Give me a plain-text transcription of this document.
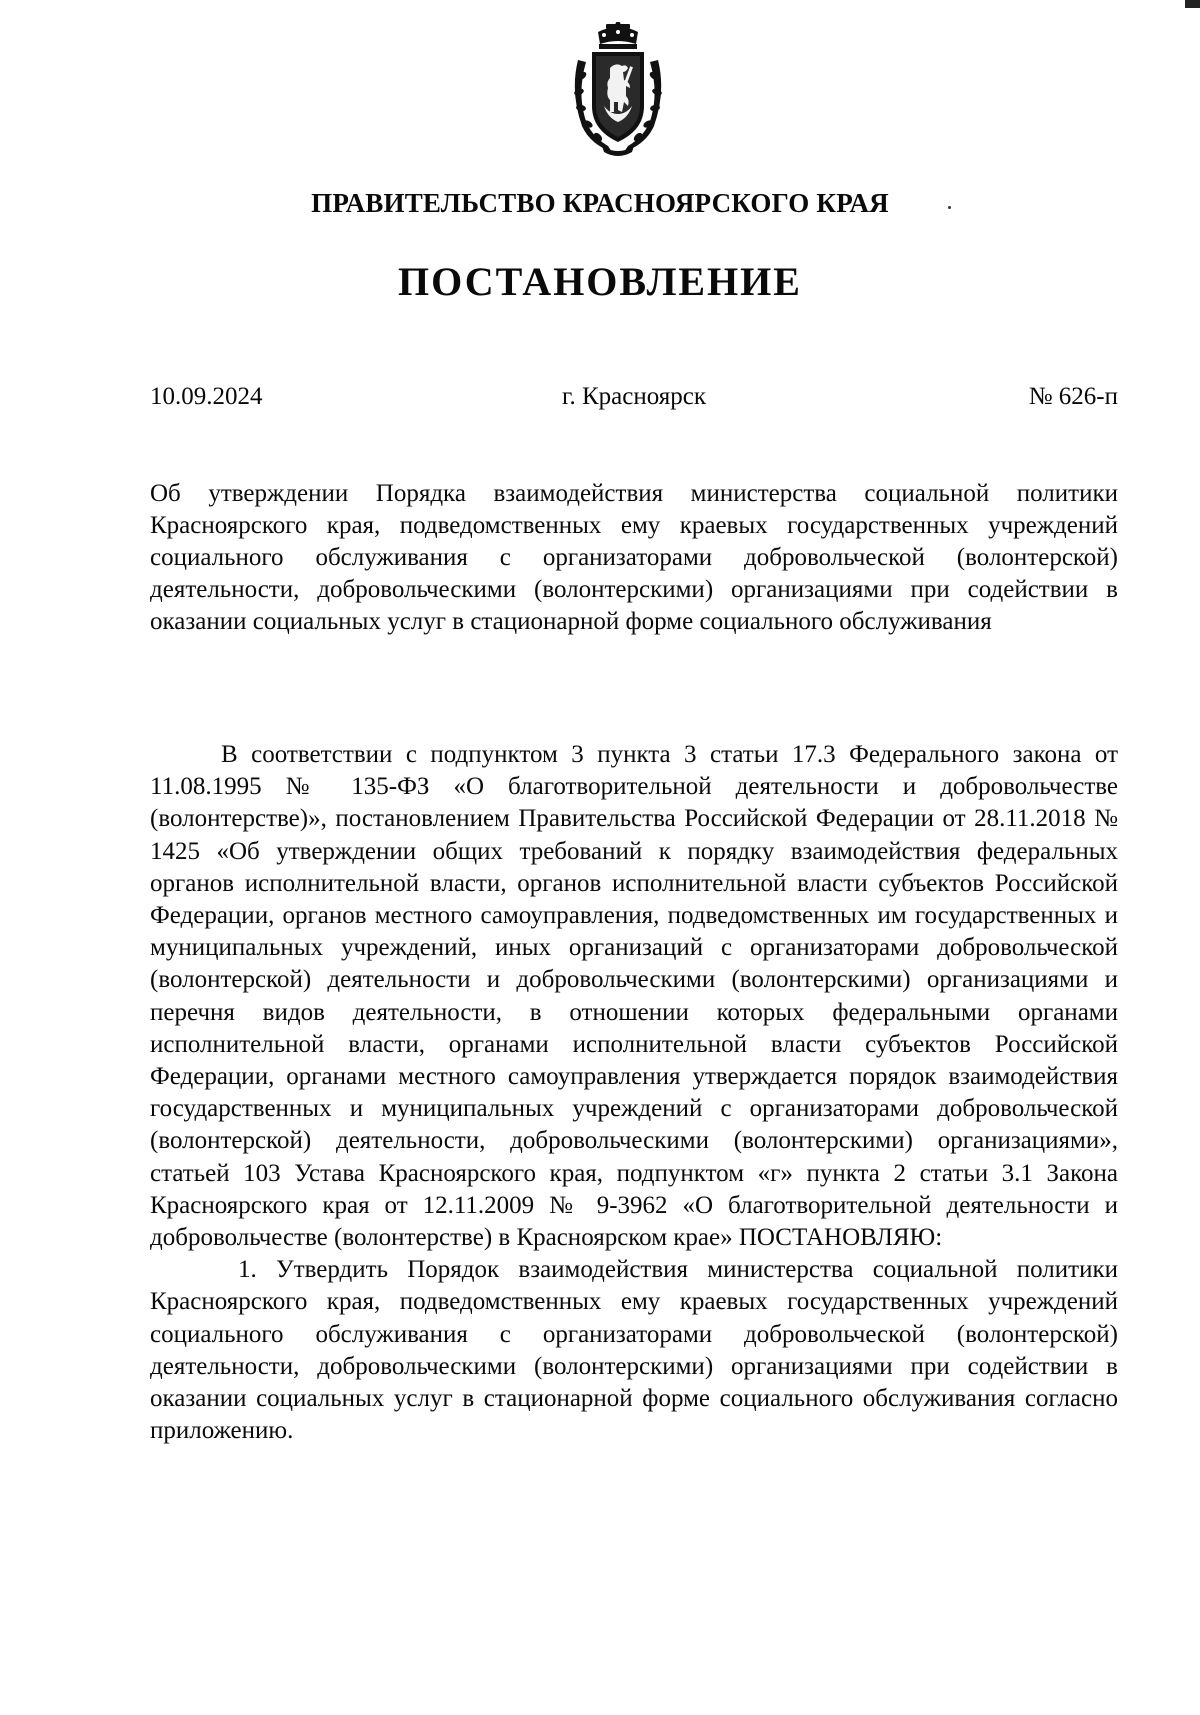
ПРАВИТЕЛЬСТВО КРАСНОЯРСКОГО КРАЯ
ПОСТАНОВЛЕНИЕ
г. Красноярск
10.09.2024	№ 626-п
Об утверждении Порядка взаимодействия министерства социальной политики Красноярского края, подведомственных ему краевых государственных учреждений социального обслуживания с организаторами добровольческой (волонтерской) деятельности, добровольческими (волонтерскими) организациями при содействии в оказании социальных услуг в стационарной форме социального обслуживания

В соответствии с подпунктом 3 пункта 3 статьи 17.3 Федерального закона от 11.08.1995 № 135-ФЗ «О благотворительной деятельности и добровольчестве (волонтерстве)», постановлением Правительства Российской Федерации от 28.11.2018 № 1425 «Об утверждении общих требований к порядку взаимодействия федеральных органов исполнительной власти, органов исполнительной власти субъектов Российской Федерации, органов местного самоуправления, подведомственных им государственных и муниципальных учреждений, иных организаций с организаторами добровольческой (волонтерской) деятельности и добровольческими (волонтерскими) организациями и перечня видов деятельности, в отношении которых федеральными органами исполнительной власти, органами исполнительной власти субъектов Российской Федерации, органами местного самоуправления утверждается порядок взаимодействия государственных и муниципальных учреждений с организаторами добровольческой (волонтерской) деятельности, добровольческими (волонтерскими) организациями», статьей 103 Устава Красноярского края, подпунктом «г» пункта 2 статьи 3.1 Закона Красноярского края от 12.11.2009 № 9-3962 «О благотворительной деятельности и добровольчестве (волонтерстве) в Красноярском крае» ПОСТАНОВЛЯЮ:

1. Утвердить Порядок взаимодействия министерства социальной политики Красноярского края, подведомственных ему краевых государственных учреждений социального обслуживания с организаторами добровольческой (волонтерской) деятельности, добровольческими (волонтерскими) организациями при содействии в оказании социальных услуг в стационарной форме социального обслуживания согласно приложению.
